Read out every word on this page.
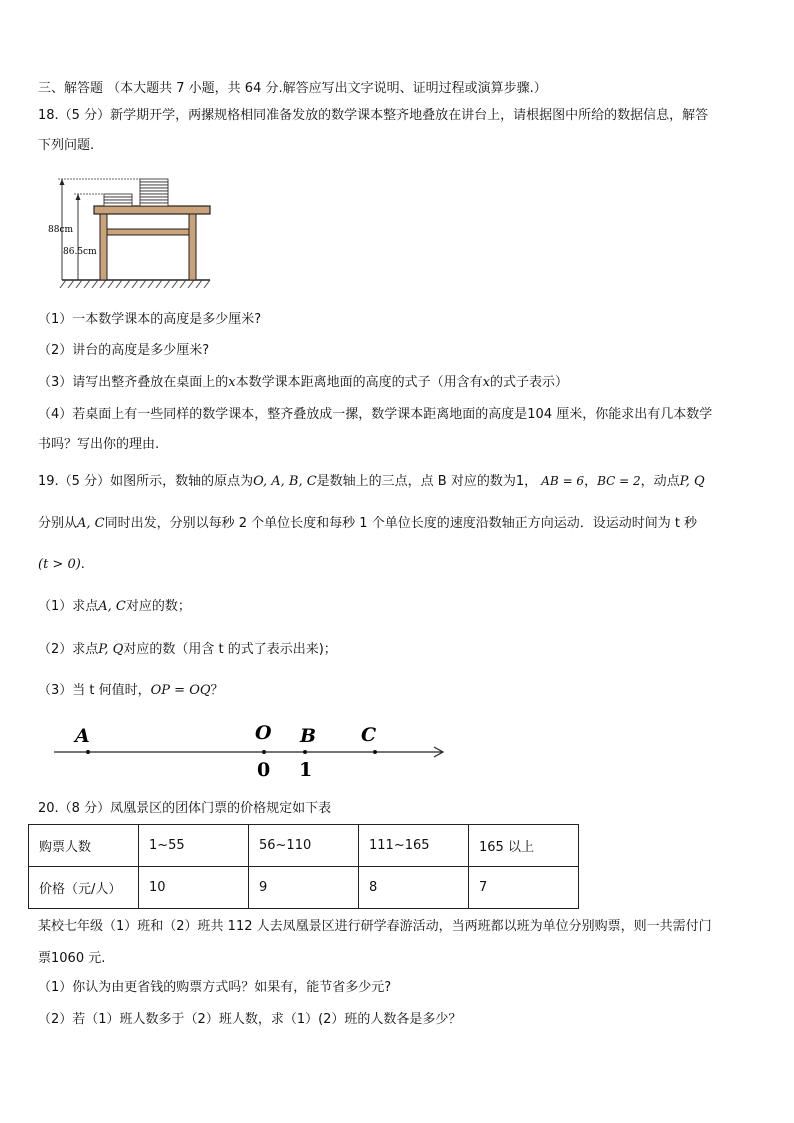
三、解答题 （本大题共 7 小题，共 64 分.解答应写出文字说明、证明过程或演算步骤.）
18.（5 分）新学期开学，两摞规格相同准备发放的数学课本整齐地叠放在讲台上，请根据图中所给的数据信息，解答
下列问题.
88cm
86.5cm
（1）一本数学课本的高度是多少厘米?
（2）讲台的高度是多少厘米?
（3）请写出整齐叠放在桌面上的x本数学课本距离地面的高度的式子（用含有x的式子表示）
（4）若桌面上有一些同样的数学课本，整齐叠放成一摞，数学课本距离地面的高度是104 厘米，你能求出有几本数学
书吗？写出你的理由.
19.（5 分）如图所示，数轴的原点为O, A, B, C是数轴上的三点，点 B 对应的数为1， AB = 6，BC = 2，动点P, Q
分别从A, C同时出发，分别以每秒 2 个单位长度和每秒 1 个单位长度的速度沿数轴正方向运动．设运动时间为 t 秒
(t > 0).
（1）求点A, C对应的数；
（2）求点P, Q对应的数（用含 t 的式了表示出来)；
（3）当 t 何值时，OP = OQ？
A	O B C
0 1
20.（8 分）凤凰景区的团体门票的价格规定如下表
购票人数	1~55	56~110	111~165	165 以上
价格（元/人）	10	9	8	7
某校七年级（1）班和（2）班共 112 人去凤凰景区进行研学春游活动，当两班都以班为单位分别购票，则一共需付门
票1060 元.
（1）你认为由更省钱的购票方式吗？如果有，能节省多少元?
（2）若（1）班人数多于（2）班人数，求（1）(2）班的人数各是多少？
